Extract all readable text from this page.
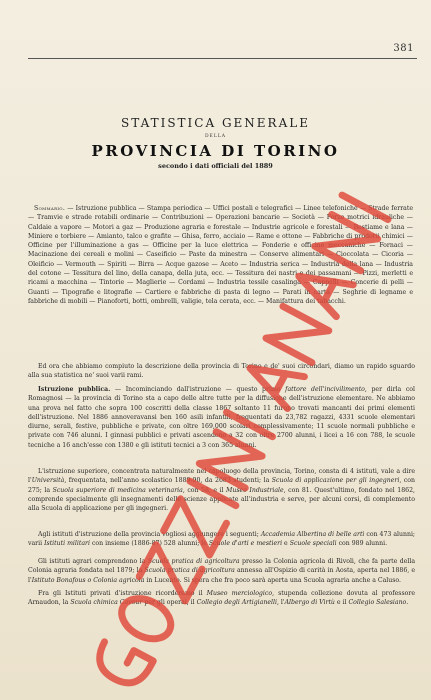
381
STATISTICA GENERALE
DELLA
PROVINCIA DI TORINO
secondo i dati officiali del 1889
Sommario. — Istruzione pubblica — Stampa periodica — Uffici postali e telegrafici — Linee telefoniche — Strade ferrate — Tramvie e strade rotabili ordinarie — Contribuzioni — Operazioni bancarie — Società — Forze motrici idrauliche — Caldaie a vapore — Motori a gaz — Produzione agraria e forestale — Industrie agricole e forestali — Bestiame e lana — Miniere e torbiere — Amianto, talco e grafite — Ghisa, ferro, acciaio — Rame e ottone — Fabbriche di prodotti chimici — Officine per l'illuminazione a gas — Officine per la luce elettrica — Fonderie e officine meccaniche — Fornaci — Macinazione dei cereali e molini — Caseificio — Paste da minestra — Conserve alimentari — Cioccolata — Cicoria — Oleificio — Vermouth — Spiriti — Birra — Acque gazose — Aceto — Industria serica — Industria della lana — Industria del cotone — Tessitura del lino, della canapa, della juta, ecc. — Tessitura dei nastri e dei passamani — Pizzi, merletti e ricami a macchina — Tintorie — Maglierie — Cordami — Industria tessile casalinga — Cappelli — Concerie di pelli — Guanti — Tipografie e litografie — Cartiere e fabbriche di pasta di legno — Parati in carta — Seghrie di legname e fabbriche di mobili — Pianoforti, botti, ombrelli, valigie, tela cerata, ecc. — Manifattura dei tabacchi.
Ed ora che abbiamo compiuto la descrizione della provincia di Torino e de' suoi circondari, diamo un rapido sguardo alla sua statistica ne' suoi varii rami.
Istruzione pubblica. — Incominciando dall'istruzione — questo primo fattore dell'incivilimento, per dirla col Romagnosi — la provincia di Torino sta a capo delle altre tutte per la diffusione dell'istruzione elementare. Ne abbiamo una prova nel fatto che sopra 100 coscritti della classe 1867 soltanto 11 furono trovati mancanti dei primi elementi dell'istruzione. Nel 1886 annoveravansi ben 160 asili infantili, frequentati da 23,782 ragazzi, 4331 scuole elementari diurne, serali, festive, pubbliche e private, con oltre 169,000 scolari complessivamente; 11 scuole normali pubbliche e private con 746 alunni. I ginnasi pubblici e privati ascendono a 32 con oltre 2700 alunni, i licei a 16 con 788, le scuole tecniche a 16 anch'esse con 1380 e gli istituti tecnici a 3 con 365 alunni.
L'istruzione superiore, concentrata naturalmente nel capoluogo della provincia, Torino, consta di 4 istituti, vale a dire l'Università, frequentata, nell'anno scolastico 1889-90, da 2683 studenti; la Scuola di applicazione per gli ingegneri, con 275; la Scuola superiore di medicina veterinaria, con 58, e il Museo Industriale, con 81. Quest'ultimo, fondato nel 1862, comprende specialmente gli insegnamenti delle scienze applicate all'industria e serve, per alcuni corsi, di complemento alla Scuola di applicazione per gli ingegneri.
Agli istituti d'istruzione della provincia vogliosi aggiungere i seguenti; Accademia Albertina di belle arti con 473 alunni; varii Istituti militari con insieme (1886-87) 528 alunni; le Scuole d'arti e mestieri e Scuole speciali con 989 alunni.
Gli istituti agrari comprendono la Scuola pratica di agricoltura presso la Colonia agricola di Rivoli, che fa parte della Colonia agraria fondata nel 1879; la Scuola pratica di agricoltura annessa all'Ospizio di carità in Aosta, aperta nel 1886, e l'Istituto Bonafous o Colonia agricola in Lucento. Si spera che fra poco sarà aperta una Scuola agraria anche a Caluso.
Fra gli Istituti privati d'istruzione ricorderemo il Museo merciologico, stupenda collezione dovuta al professore Arnaudon, la Scuola chimica Cavour per gli operai, il Collegio degli Artigianelli, l'Albergo di Virtù e il Collegio Salesiano.
